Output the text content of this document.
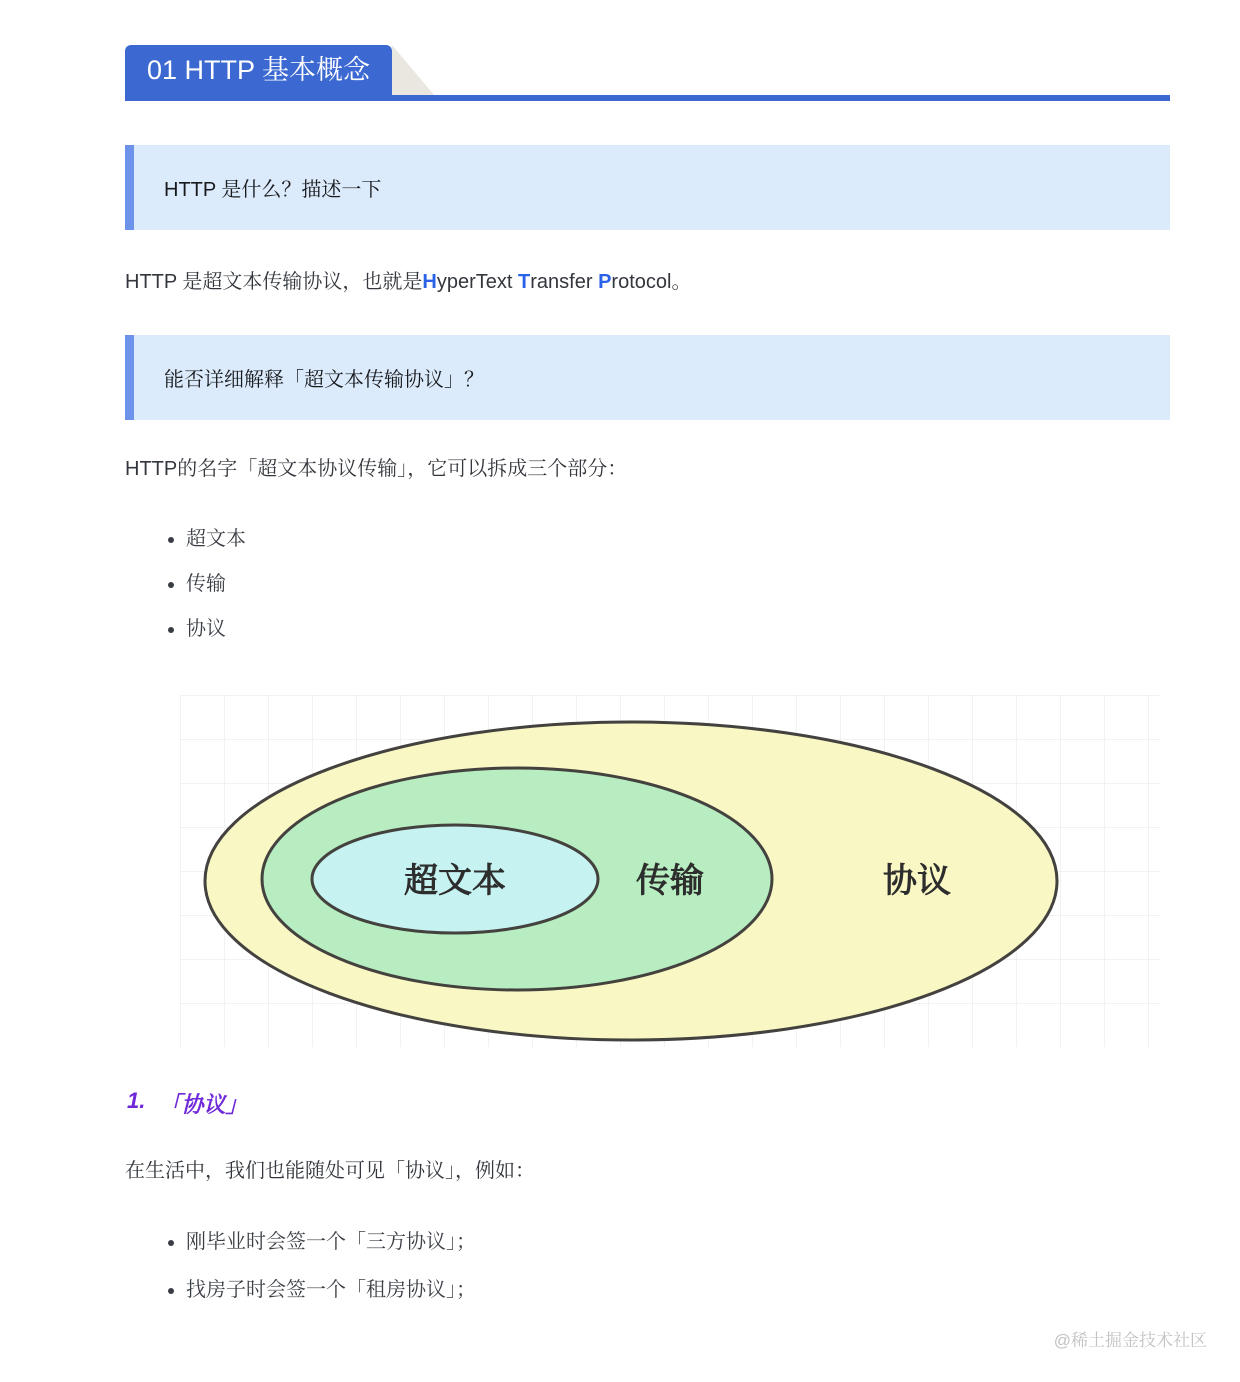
01 HTTP 基本概念
HTTP 是什么？描述一下
HTTP 是超文本传输协议，也就是HyperText Transfer Protocol。
能否详细解释「超文本传输协议」？
HTTP的名字「超文本协议传输」，它可以拆成三个部分：
• 超文本
• 传输
• 协议
超文本	传输	协议
1. 「协议」
在生活中，我们也能随处可见「协议」，例如：
• 刚毕业时会签一个「三方协议」；
• 找房子时会签一个「租房协议」；
@稀土掘金技术社区
